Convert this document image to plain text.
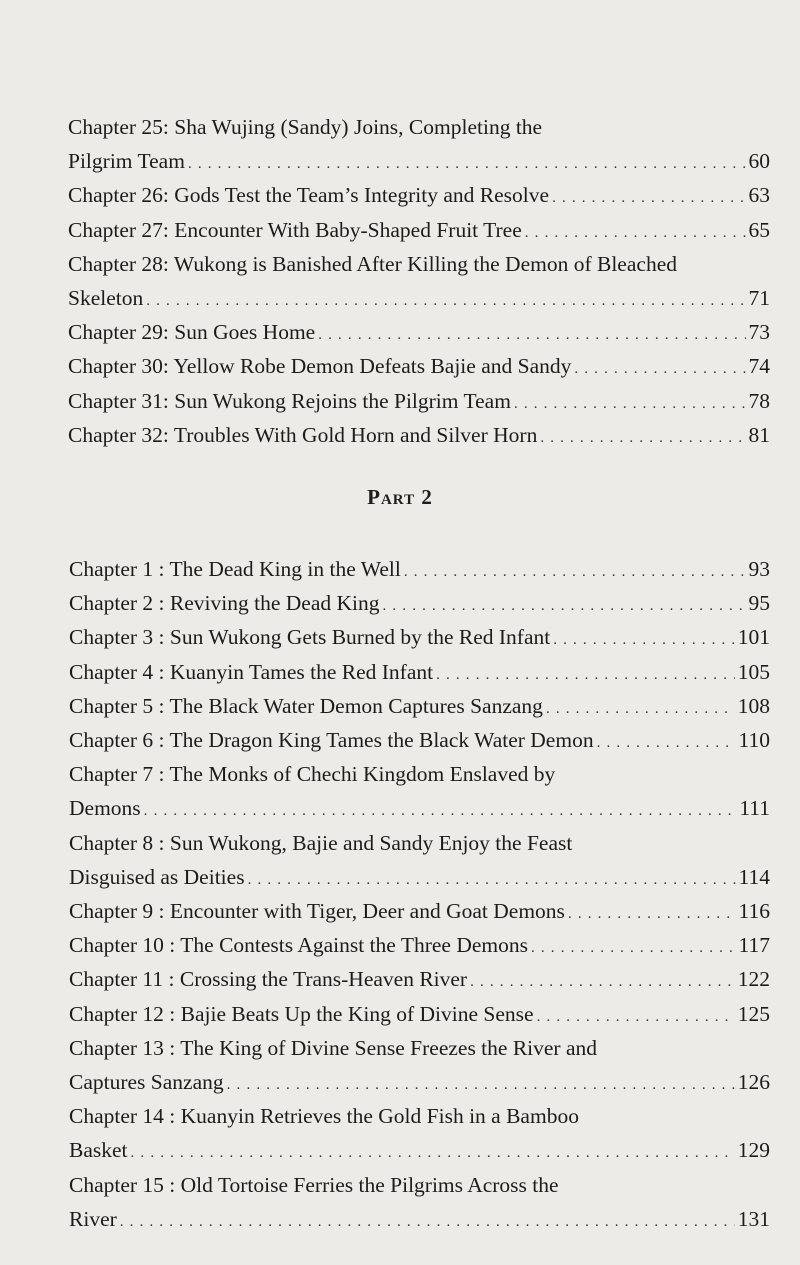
Chapter 25: Sha Wujing (Sandy) Joins, Completing the
Pilgrim Team . . .	60
Chapter 26: Gods Test the Team’s Integrity and Resolve . . .	63
Chapter 27: Encounter With Baby-Shaped Fruit Tree . . .	65
Chapter 28: Wukong is Banished After Killing the Demon of Bleached
Skeleton . . .	71
Chapter 29: Sun Goes Home . . .	73
Chapter 30: Yellow Robe Demon Defeats Bajie and Sandy . . .	74
Chapter 31: Sun Wukong Rejoins the Pilgrim Team . . .	78
Chapter 32: Troubles With Gold Horn and Silver Horn . . .	81
Chapter 1 : The Dead King in the Well . . .	93
Chapter 2 : Reviving the Dead King . . .	95
Chapter 3 : Sun Wukong Gets Burned by the Red Infant . . .	101
Chapter 4 : Kuanyin Tames the Red Infant . . .	105
Chapter 5 : The Black Water Demon Captures Sanzang . . .	108
Chapter 6 : The Dragon King Tames the Black Water Demon . . .	110
Chapter 7 : The Monks of Chechi Kingdom Enslaved by
Demons . . .	111
Chapter 8 : Sun Wukong, Bajie and Sandy Enjoy the Feast
Disguised as Deities . . .	114
Chapter 9 : Encounter with Tiger, Deer and Goat Demons . . .	116
Chapter 10 : The Contests Against the Three Demons . . .	117
Chapter 11 : Crossing the Trans-Heaven River . . .	122
Chapter 12 : Bajie Beats Up the King of Divine Sense . . .	125
Chapter 13 : The King of Divine Sense Freezes the River and
Captures Sanzang . . .	126
Chapter 14 : Kuanyin Retrieves the Gold Fish in a Bamboo
Basket . . .	129
Chapter 15 : Old Tortoise Ferries the Pilgrims Across the
River . . .	131
Part 2
